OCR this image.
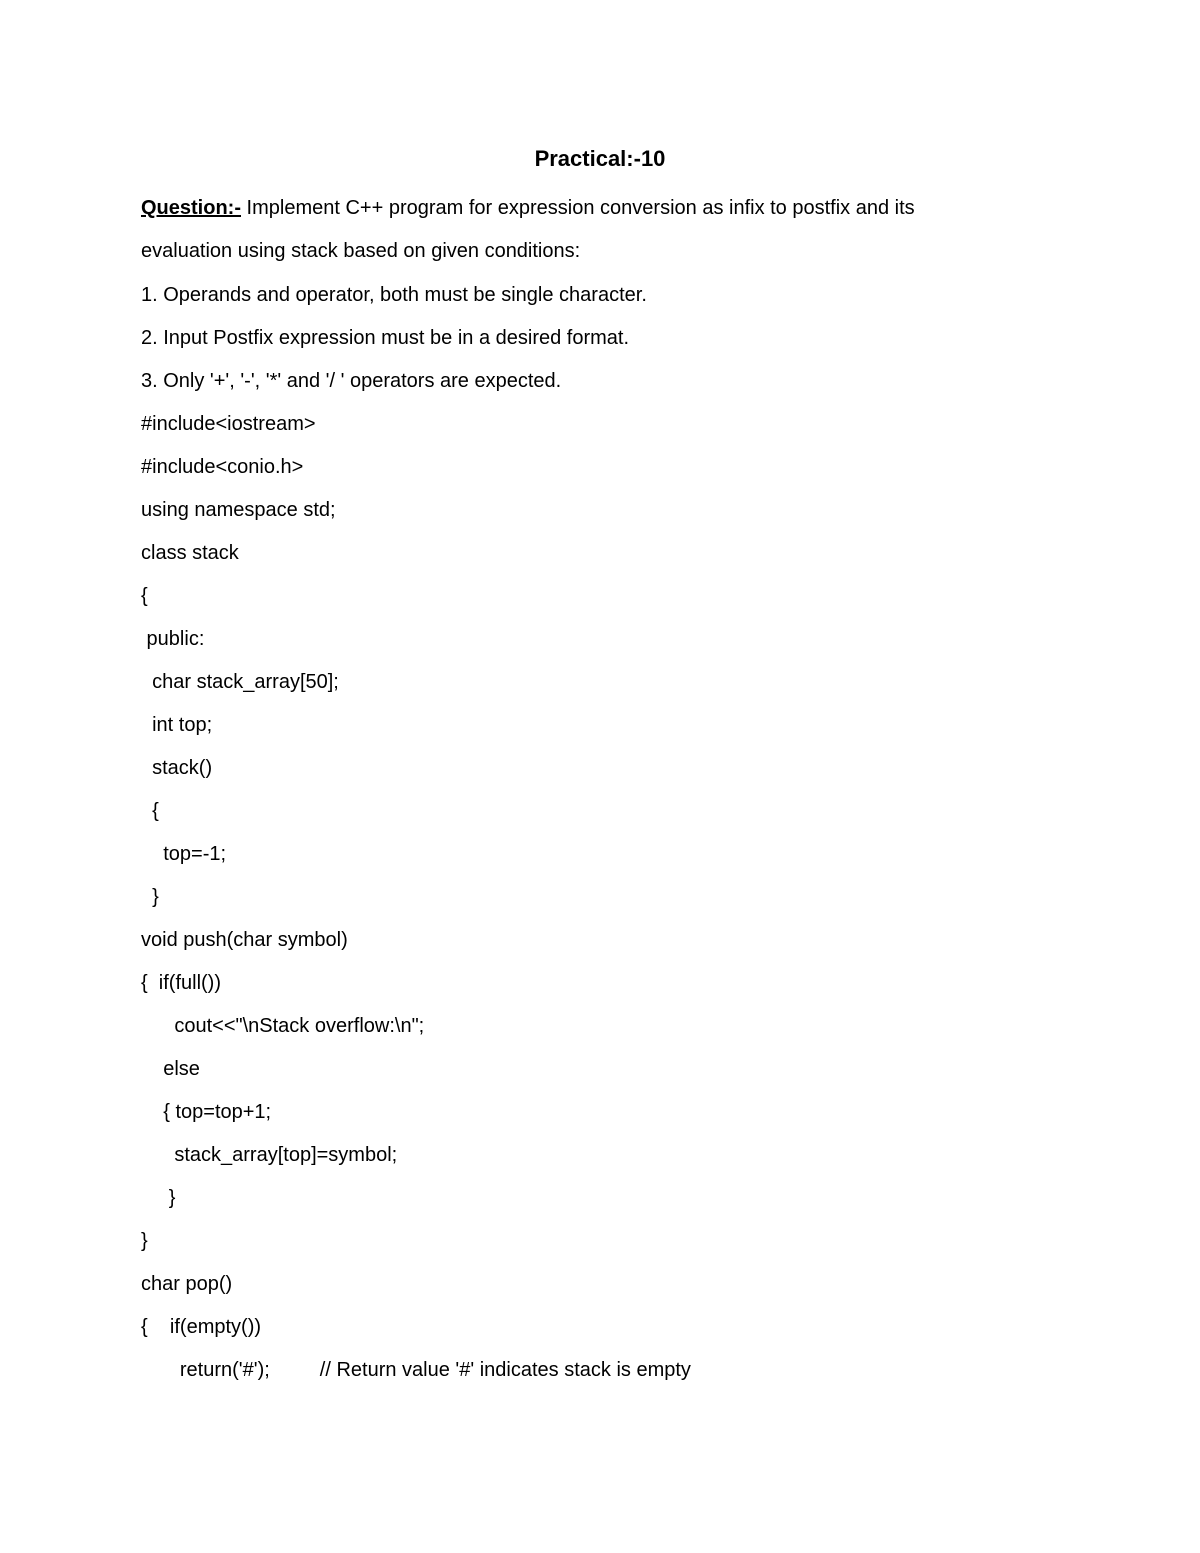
Practical:-10
Question:- Implement C++ program for expression conversion as infix to postfix and its
evaluation using stack based on given conditions:
1. Operands and operator, both must be single character.
2. Input Postfix expression must be in a desired format.
3. Only '+', '-', '*' and '/ ' operators are expected.
#include<iostream>
#include<conio.h>
using namespace std;
class stack
{
public:
char stack_array[50];
int top;
stack()
{
top=-1;
}
void push(char symbol)
{  if(full())
cout<<"\nStack overflow:\n";
else
{ top=top+1;
stack_array[top]=symbol;
}
}
char pop()
{    if(empty())
return('#');         // Return value '#' indicates stack is empty
